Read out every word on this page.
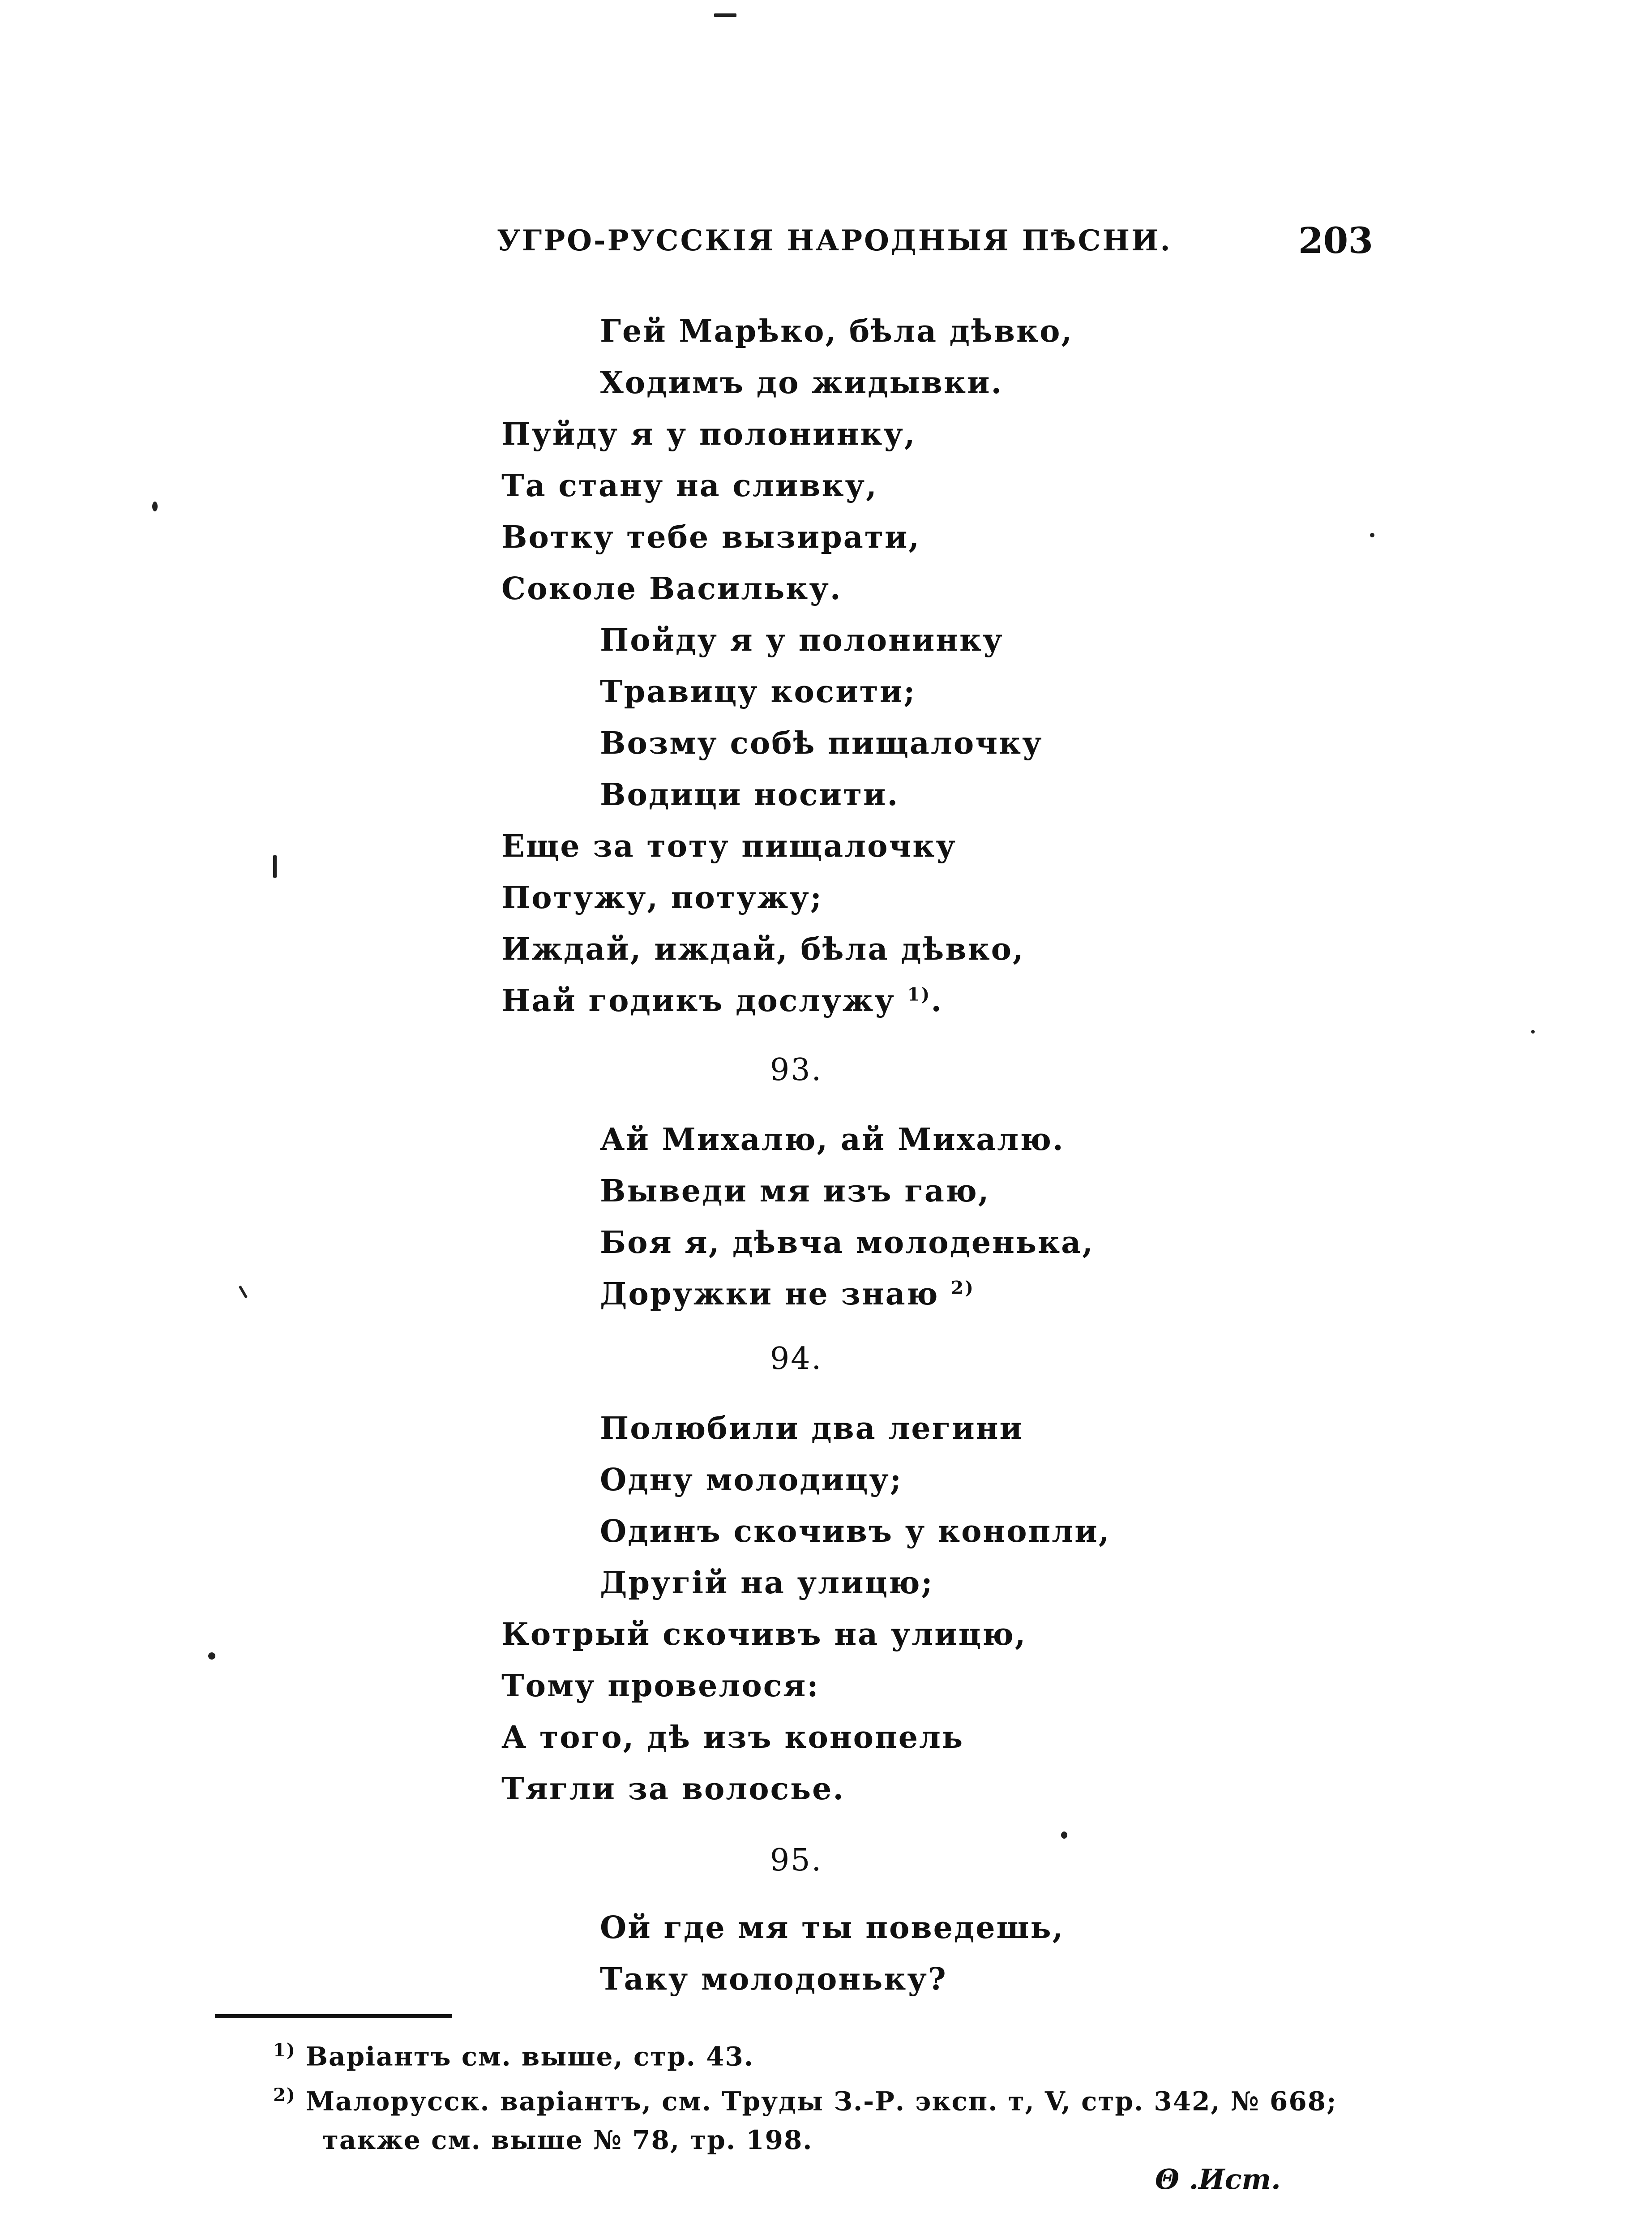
УГРО-РУССКІЯ НАРОДНЫЯ ПѢСНИ.	203
Гей Марѣко, бѣла дѣвко,
Ходимъ до жидывки.
Пуйду я у полонинку,
Та стану на сливку,
Вотку тебе вызирати,
Соколе Васильку.
Пойду я у полонинку
Травицу косити;
Возму собѣ пищалочку
Водици носити.
Еще за тоту пищалочку
Потужу, потужу;
Иждай, иждай, бѣла дѣвко,
Най годикъ дослужу $^{1)}$.
93.
Ай Михалю, ай Михалю.
Выведи мя изъ гаю,
Боя я, дѣвча молоденька,
Доружки не знаю $^{2)}$
94.
Полюбили два легини
Одну молодицу;
Одинъ скочивъ у конопли,
Другій на улицю;
Котрый скочивъ на улицю,
Тому провелося:
А того, дѣ изъ конопель
Тягли за волосье.
95.
Ой где мя ты поведешь,
Таку молодоньку?
$^{1)}$ Варіантъ см. выше, стр. 43.
$^{2)}$ Малорусск. варіантъ, см. Труды З.-Р. эксп. т, V, стр. 342, № 668;
также см. выше № 78, тр. 198.
Θ .Ист.
